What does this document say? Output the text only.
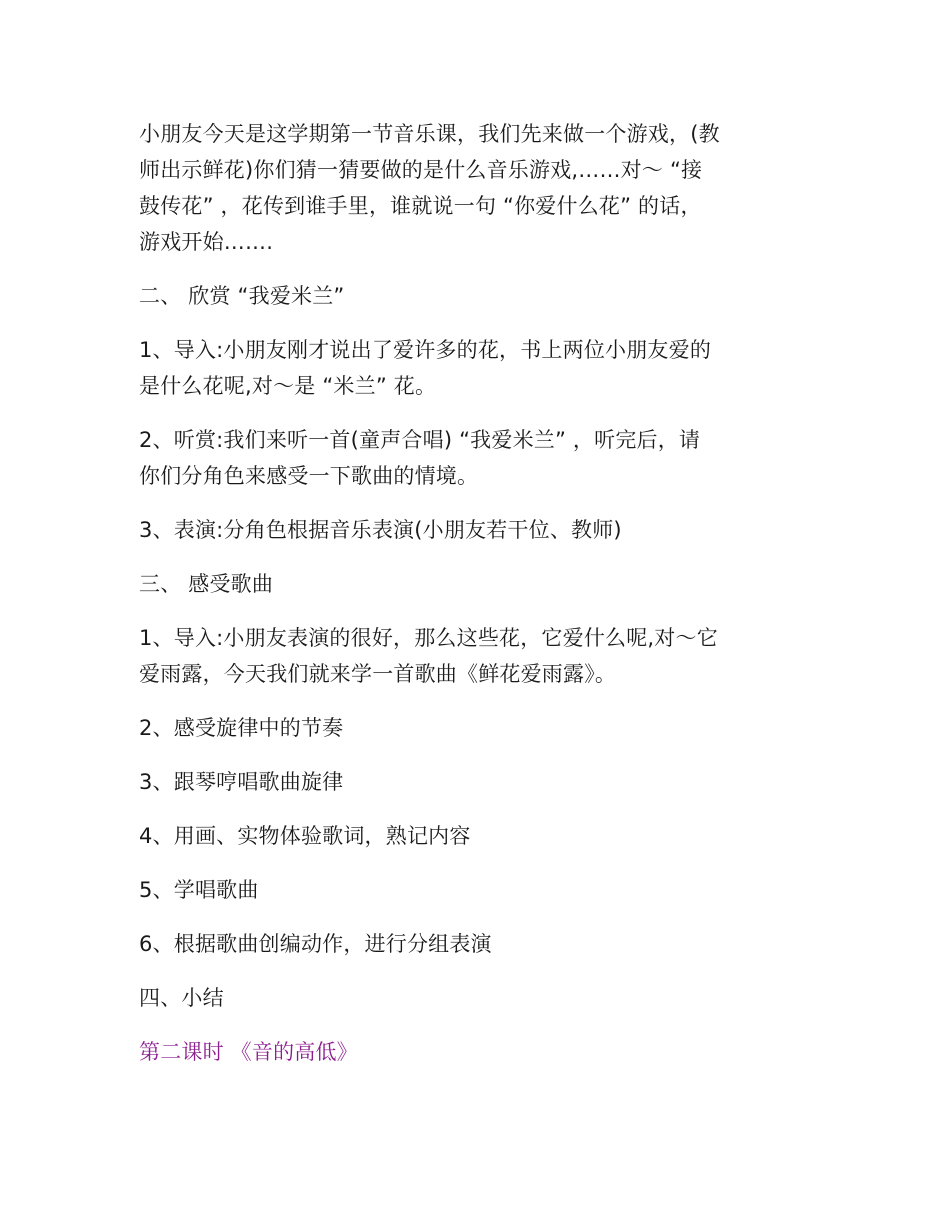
小朋友今天是这学期第一节音乐课，我们先来做一个游戏，(教

师出示鲜花)你们猜一猜要做的是什么音乐游戏,……对～ “接

鼓传花” ，花传到谁手里，谁就说一句 “你爱什么花” 的话，

游戏开始…….

二、 欣赏 “我爱米兰”

1、导入:小朋友刚才说出了爱许多的花，书上两位小朋友爱的

是什么花呢,对～是 “米兰” 花。

2、听赏:我们来听一首(童声合唱) “我爱米兰” ，听完后，请

你们分角色来感受一下歌曲的情境。

3、表演:分角色根据音乐表演(小朋友若干位、教师)

三、 感受歌曲

1、导入:小朋友表演的很好，那么这些花，它爱什么呢,对～它

爱雨露，今天我们就来学一首歌曲《鲜花爱雨露》。

2、感受旋律中的节奏

3、跟琴哼唱歌曲旋律

4、用画、实物体验歌词，熟记内容

5、学唱歌曲

6、根据歌曲创编动作，进行分组表演

四、小结

第二课时 《音的高低》
